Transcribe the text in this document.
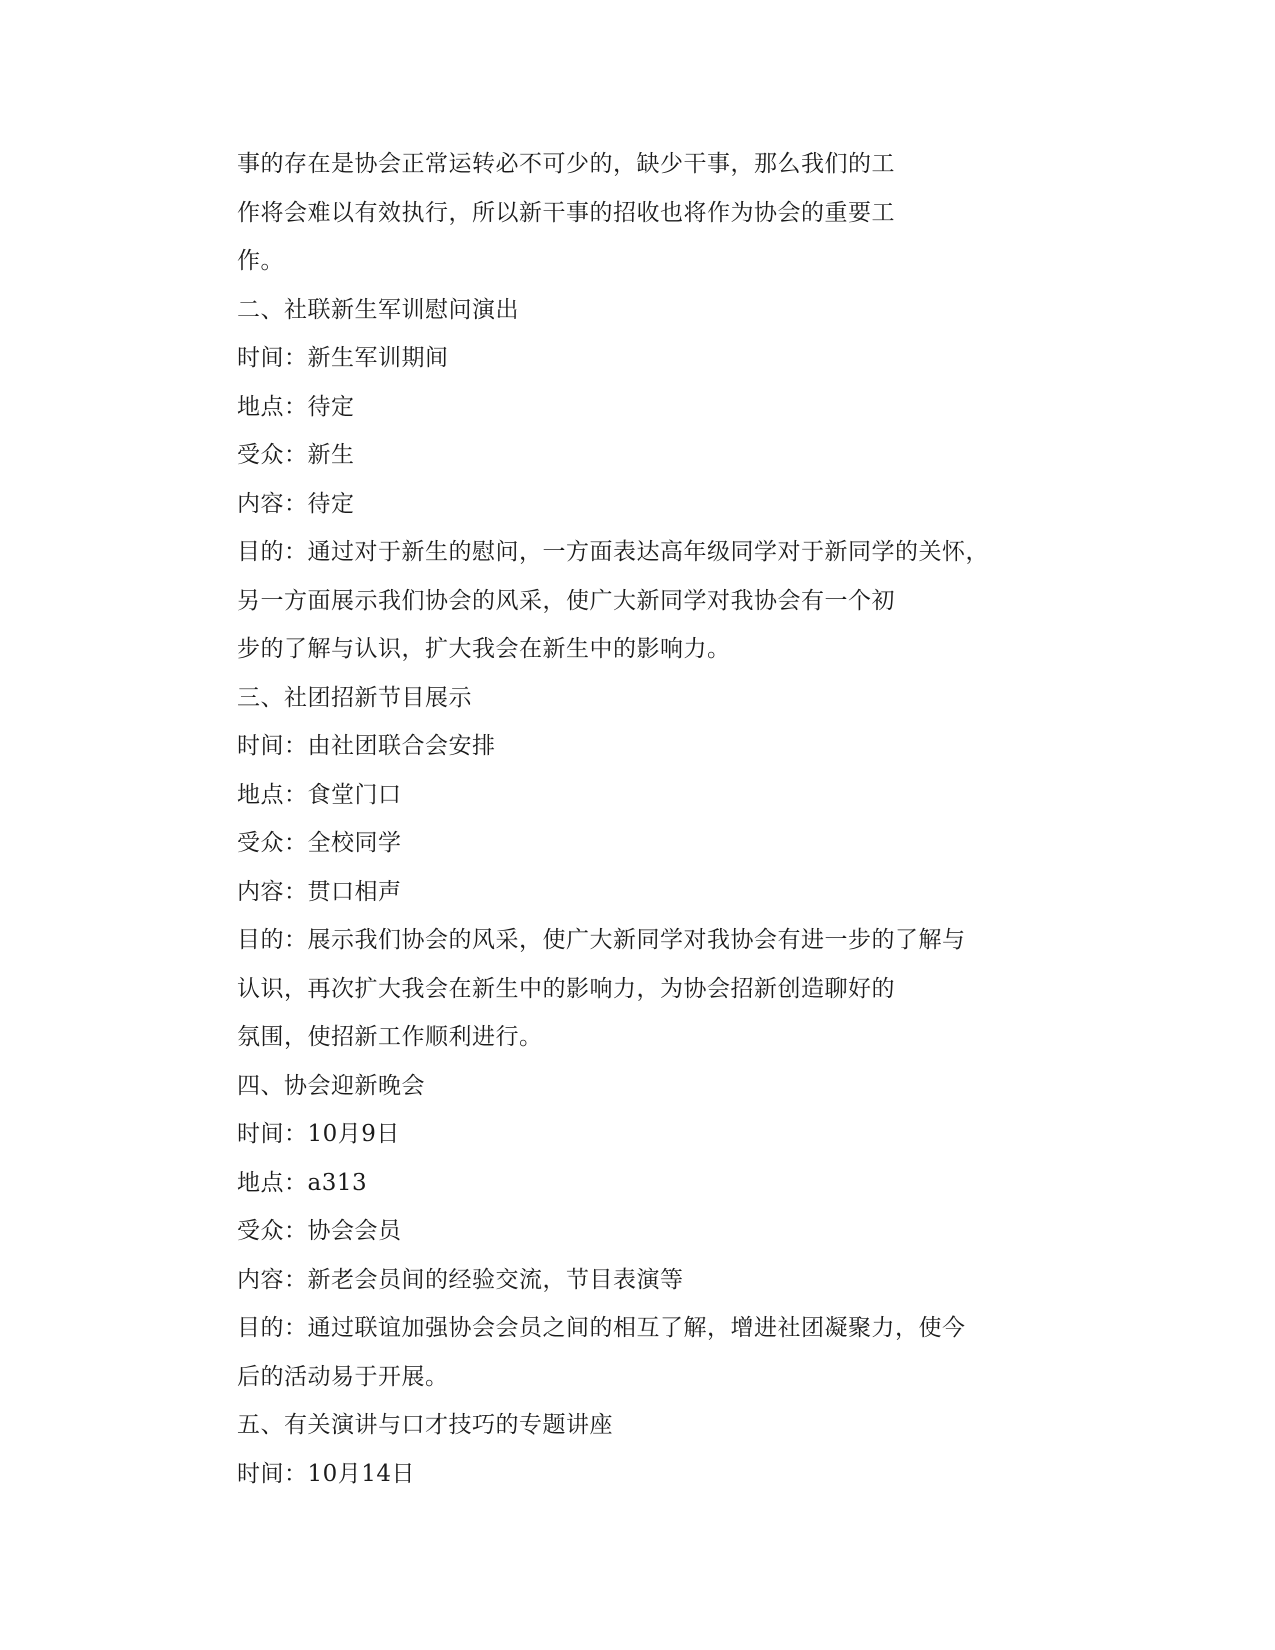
事的存在是协会正常运转必不可少的，缺少干事，那么我们的工
作将会难以有效执行，所以新干事的招收也将作为协会的重要工
作。
二、社联新生军训慰问演出
时间：新生军训期间
地点：待定
受众：新生
内容：待定
目的：通过对于新生的慰问，一方面表达高年级同学对于新同学的关怀，
另一方面展示我们协会的风采，使广大新同学对我协会有一个初
步的了解与认识，扩大我会在新生中的影响力。
三、社团招新节目展示
时间：由社团联合会安排
地点：食堂门口
受众：全校同学
内容：贯口相声
目的：展示我们协会的风采，使广大新同学对我协会有进一步的了解与
认识，再次扩大我会在新生中的影响力，为协会招新创造聊好的
氛围，使招新工作顺利进行。
四、协会迎新晚会
时间：10月9日
地点：a313
受众：协会会员
内容：新老会员间的经验交流，节目表演等
目的：通过联谊加强协会会员之间的相互了解，增进社团凝聚力，使今
后的活动易于开展。
五、有关演讲与口才技巧的专题讲座
时间：10月14日
